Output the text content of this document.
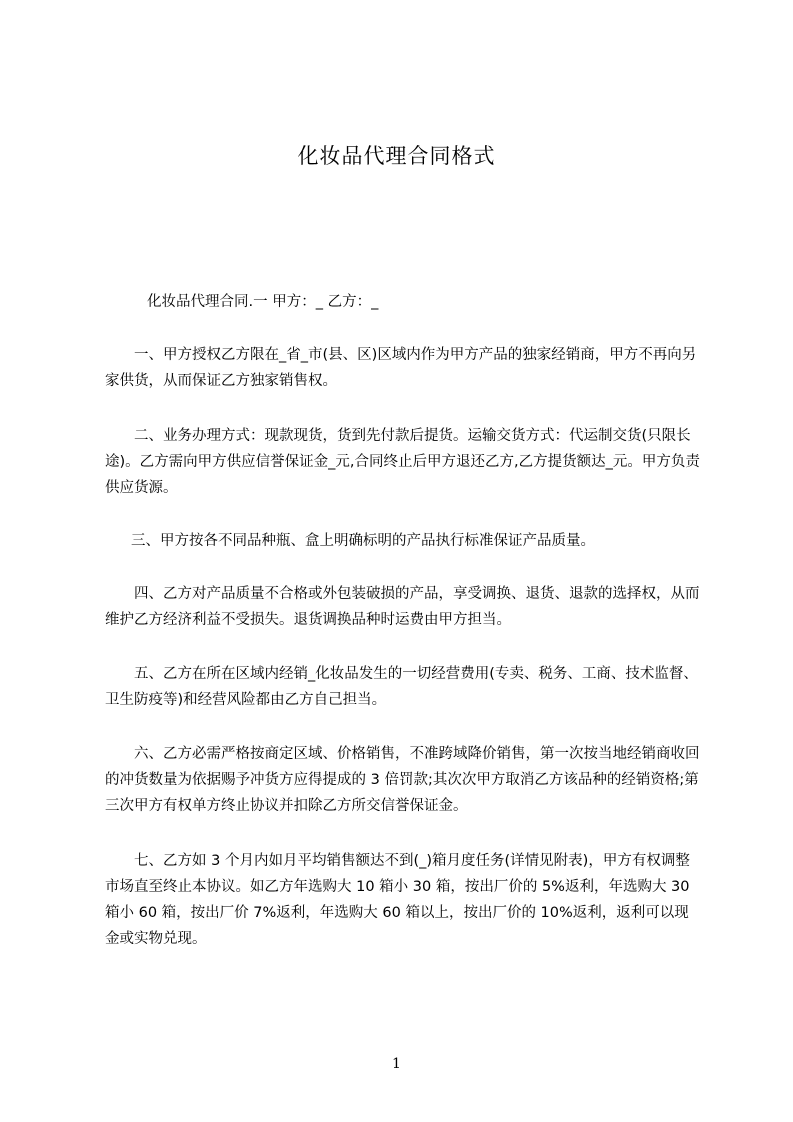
化妆品代理合同格式

化妆品代理合同.一 甲方：_ 乙方：_

一、甲方授权乙方限在_省_市(县、区)区域内作为甲方产品的独家经销商，甲方不再向另家供货，从而保证乙方独家销售权。

二、业务办理方式：现款现货，货到先付款后提货。运输交货方式：代运制交货(只限长途)。乙方需向甲方供应信誉保证金_元,合同终止后甲方退还乙方,乙方提货额达_元。甲方负责供应货源。

三、甲方按各不同品种瓶、盒上明确标明的产品执行标准保证产品质量。

四、乙方对产品质量不合格或外包装破损的产品，享受调换、退货、退款的选择权，从而维护乙方经济利益不受损失。退货调换品种时运费由甲方担当。

五、乙方在所在区域内经销_化妆品发生的一切经营费用(专卖、税务、工商、技术监督、卫生防疫等)和经营风险都由乙方自己担当。

六、乙方必需严格按商定区域、价格销售，不准跨域降价销售，第一次按当地经销商收回的冲货数量为依据赐予冲货方应得提成的 3 倍罚款;其次次甲方取消乙方该品种的经销资格;第三次甲方有权单方终止协议并扣除乙方所交信誉保证金。

七、乙方如 3 个月内如月平均销售额达不到(_)箱月度任务(详情见附表)，甲方有权调整市场直至终止本协议。如乙方年选购大 10 箱小 30 箱，按出厂价的 5%返利，年选购大 30 箱小 60 箱，按出厂价 7%返利，年选购大 60 箱以上，按出厂价的 10%返利，返利可以现金或实物兑现。

1
